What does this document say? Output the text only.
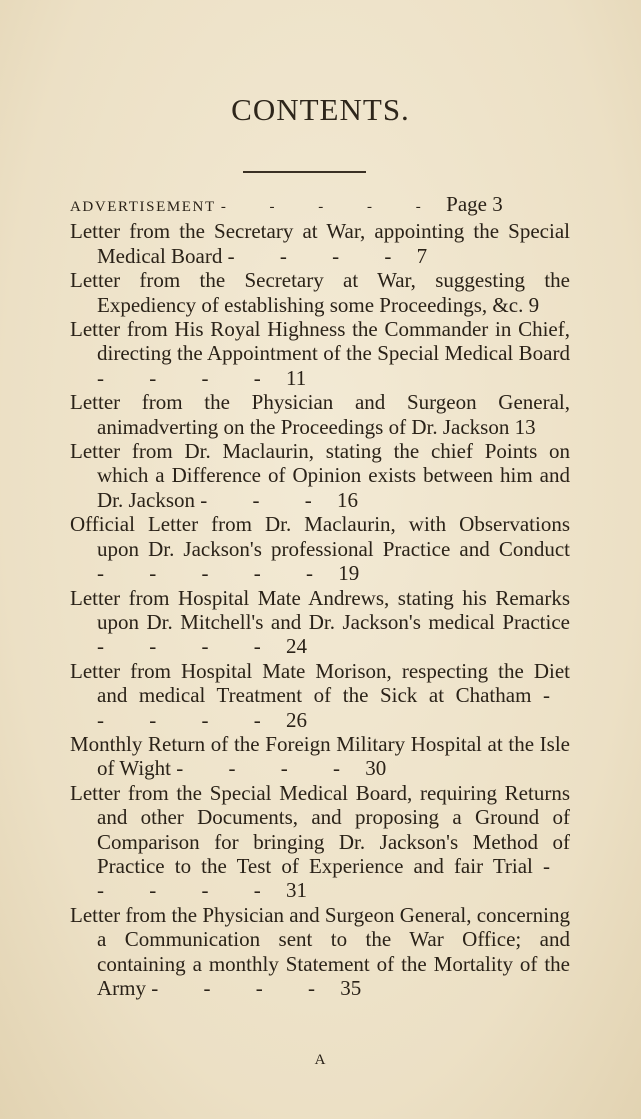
CONTENTS.
ADVERTISEMENT - - - - - Page 3
Letter from the Secretary at War, appointing the Special Medical Board - - - - 7
Letter from the Secretary at War, suggesting the Expediency of establishing some Proceedings, &c. 9
Letter from His Royal Highness the Commander in Chief, directing the Appointment of the Special Medical Board - - - - 11
Letter from the Physician and Surgeon General, animadverting on the Proceedings of Dr. Jackson 13
Letter from Dr. Maclaurin, stating the chief Points on which a Difference of Opinion exists between him and Dr. Jackson - - - 16
Official Letter from Dr. Maclaurin, with Observations upon Dr. Jackson's professional Practice and Conduct - - - - - 19
Letter from Hospital Mate Andrews, stating his Remarks upon Dr. Mitchell's and Dr. Jackson's medical Practice - - - - 24
Letter from Hospital Mate Morison, respecting the Diet and medical Treatment of the Sick at Chatham - - - - - 26
Monthly Return of the Foreign Military Hospital at the Isle of Wight - - - - 30
Letter from the Special Medical Board, requiring Returns and other Documents, and proposing a Ground of Comparison for bringing Dr. Jackson's Method of Practice to the Test of Experience and fair Trial - - - - - 31
Letter from the Physician and Surgeon General, concerning a Communication sent to the War Office; and containing a monthly Statement of the Mortality of the Army - - - - 35
A
